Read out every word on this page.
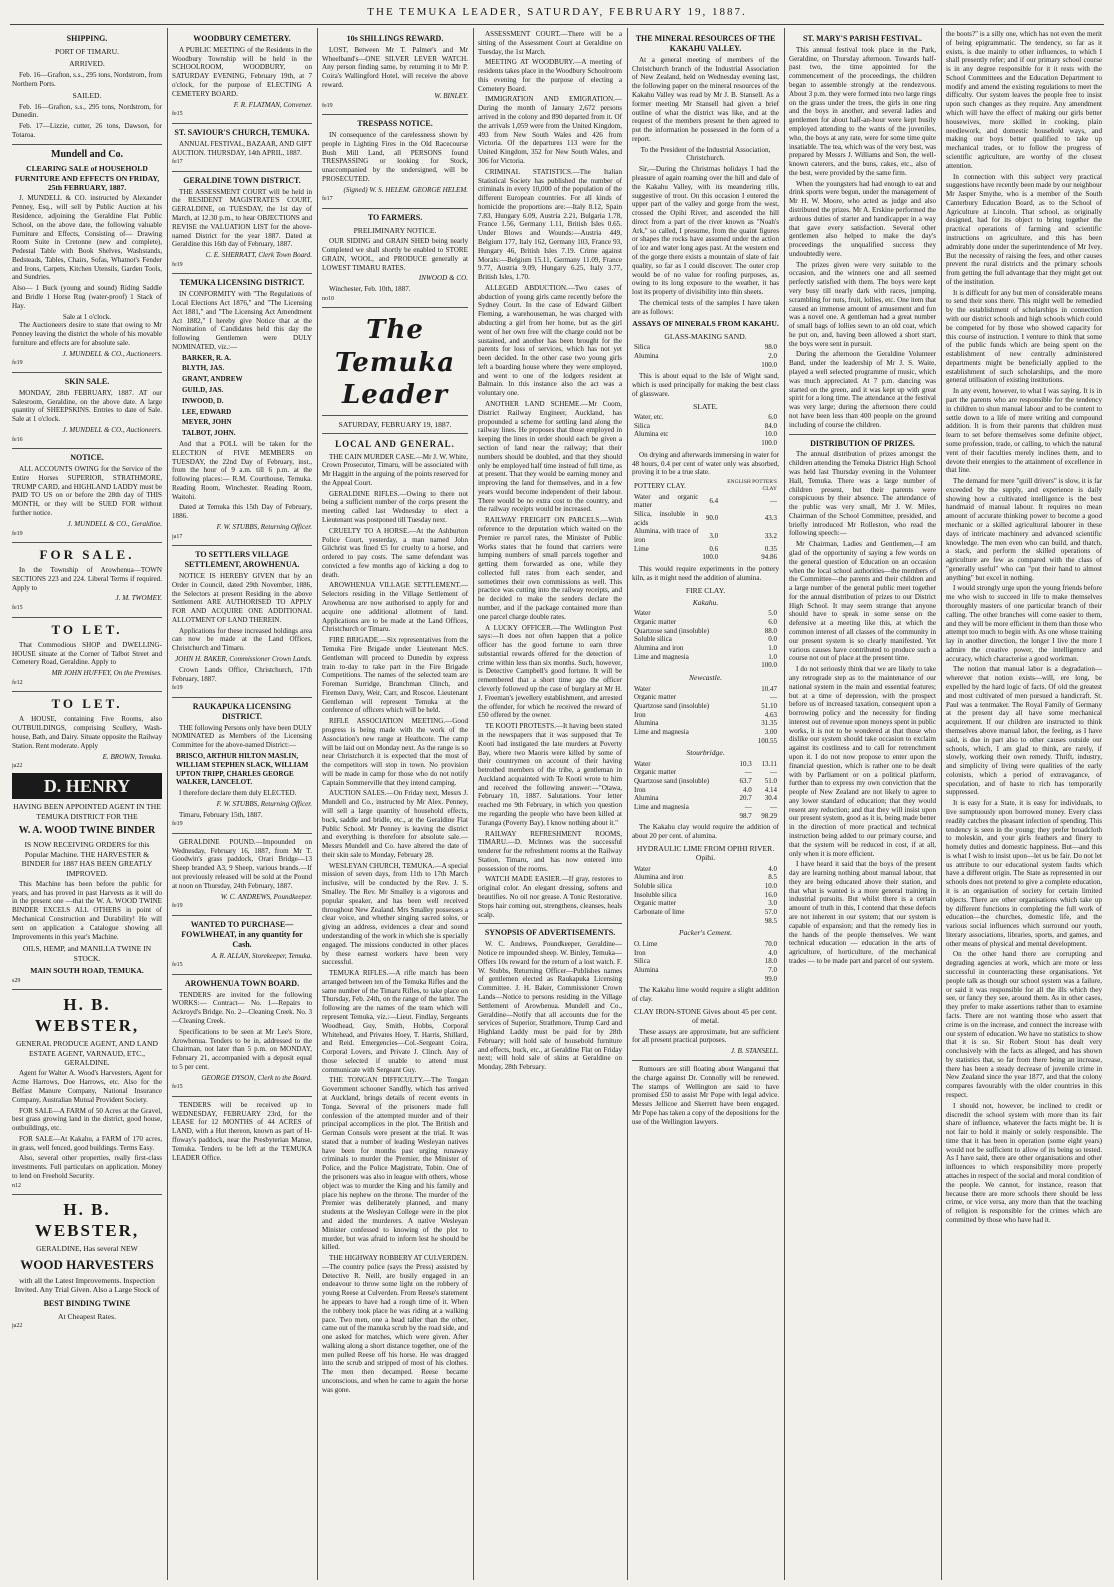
THE TEMUKA LEADER, SATURDAY, FEBRUARY 19, 1887.
SHIPPING.
PORT OF TIMARU.
ARRIVED.

Feb. 16—Grafton, s.s., 295 tons, Nordstrom, from Northern Ports.

SAILED.

Feb. 16—Grafton, s.s., 295 tons, Nordstrom, for Dunedin.

Feb. 17—Lizzie, cutter, 26 tons, Dawson, for Totaroa.

Mundell and Co.
CLEARING SALE of HOUSEHOLD FURNITURE AND EFFECTS ON FRIDAY, 25th FEBRUARY, 1887.

J. MUNDELL & CO. instructed by Alexander Penney, Esq., will sell by Public Auction at his Residence, adjoining the Geraldine Flat Public School, on the above date, the following valuable Furniture and Effects, Consisting of— Drawing Room Suite in Cretonne (new and complete), Pedestal Table with Book Shelves, Washstands, Bedsteads, Tables, Chairs, Sofas, Whatnot's Fender and Irons, Carpets, Kitchen Utensils, Garden Tools, and Sundries.

Also— 1 Buck (young and sound) Riding Saddle and Bridle 1 Horse Rug (water-proof) 1 Stack of Hay.

Sale at 1 o'clock.

The Auctioneers desire to state that owing to Mr Penney leaving the district the whole of his movable furniture and effects are for absolute sale.

J. MUNDELL & CO., Auctioneers.
fe19
SKIN SALE.

MONDAY, 28th FEBRUARY, 1887. AT our Salesroom, Geraldine, on the above date. A large quantity of SHEEPSKINS. Entries to date of Sale. Sale at 1 o'clock.

J. MUNDELL & CO., Auctioneers.
fe16
NOTICE.

ALL ACCOUNTS OWING for the Service of the Entire Horses SUPERIOR, STRATHMORE, TRUMP CARD, and HIGHLAND LADDY must be PAID TO US on or before the 28th day of THIS MONTH, or they will be SUED FOR without further notice.

J. MUNDELL & CO., Geraldine.
fe19
FOR SALE.

In the Township of Arowhenua—TOWN SECTIONS 223 and 224. Liberal Terms if required. Apply to

J. M. TWOMEY.
fe15
TO LET.

That Commodious SHOP and DWELLING-HOUSE situate at the Corner of Talbot Street and Cemetery Road, Geraldine. Apply to

MR JOHN HUFFEY, On the Premises.
fe12
TO LET.

A HOUSE, containing Five Rooms, also OUTBUILDINGS, comprising Scullery, Wash-house, Bath, and Dairy. Situate opposite the Railway Station. Rent moderate. Apply

E. BROWN, Temuka.
ja22
D. HENRY
HAVING BEEN APPOINTED AGENT IN THE TEMUKA DISTRICT FOR THE
W. A. WOOD TWINE BINDER
IS NOW RECEIVING ORDERS for this Popular Machine. THE HARVESTER & BINDER for 1887 HAS BEEN GREATLY IMPROVED.

This Machine has been before the public for years, and has proved in past Harvests as it will do in the present one —that the W. A. WOOD TWINE BINDER EXCELS ALL OTHERS in point of Mechanical Construction and Durability! He will sent on application a Catalogue showing all Improvements in this year's Machine.

OILS, HEMP, and MANILLA TWINE IN STOCK.
MAIN SOUTH ROAD, TEMUKA.
s29
H. B. WEBSTER,
GENERAL PRODUCE AGENT, AND LAND ESTATE AGENT, VARNAUD, ETC., GERALDINE.

Agent for Walter A. Wood's Harvesters, Agent for Acme Harrows, Doe Harrows, etc. Also for the Belfast Manure Company, National Insurance Company, Australian Mutual Provident Society.

FOR SALE—A FARM of 50 Acres at the Gravel, best grass growing land in the district, good house, outbuildings, etc.

FOR SALE—At Kakahu, a FARM of 170 acres, in grass, well fenced, good buildings. Terms Easy.

Also, several other properties, really first-class investments. Full particulars on application. Money to lend on Freehold Security.

n12
H. B. WEBSTER,
GERALDINE, Has several NEW
WOOD HARVESTERS
with all the Latest Improvements. Inspection Invited. Any Trial Given. Also a Large Stock of
BEST BINDING TWINE
At Cheapest Rates.
ja22
WOODBURY CEMETERY.

A PUBLIC MEETING of the Residents in the Woodbury Township will be held in the SCHOOLROOM, WOODBURY, on SATURDAY EVENING, February 19th, at 7 o'clock, for the purpose of ELECTING A CEMETERY BOARD.

F. R. FLATMAN, Convener.
fe15
ST. SAVIOUR'S CHURCH, TEMUKA.

ANNUAL FESTIVAL, BAZAAR, AND GIFT AUCTION. THURSDAY, 14th APRIL, 1887.

fe17
GERALDINE TOWN DISTRICT.

THE ASSESSMENT COURT will be held in the RESIDENT MAGISTRATE'S COURT, GERALDINE, on TUESDAY, the 1st day of March, at 12.30 p.m., to hear OBJECTIONS and REVISE the VALUATION LIST for the above-named District for the year 1887. Dated at Geraldine this 16th day of February, 1887.

C. E. SHERRATT, Clerk Town Board.
fe19
TEMUKA LICENSING DISTRICT.

IN CONFORMITY with "The Regulations of Local Elections Act 1876," and "The Licensing Act 1881," and "The Licensing Act Amendment Act 1882," I hereby give Notice that at the Nomination of Candidates held this day the following Gentlemen were DULY NOMINATED, viz.:—

BARKER, R. A.
BLYTH, JAS.
GRANT, ANDREW
GUILD, JAS.
INWOOD, D.
LEE, EDWARD
MEYER, JOHN
TALBOT, JOHN.

And that a POLL will be taken for the ELECTION of FIVE MEMBERS on TUESDAY, the 22nd Day of February, inst., from the hour of 9 a.m. till 6 p.m. at the following places:— R.M. Courthouse, Temuka. Reading Room, Winchester. Reading Room, Waitohi.

Dated at Temuka this 15th Day of February, 1886.

F. W. STUBBS, Returning Officer.
ja17
TO SETTLERS VILLAGE SETTLEMENT, AROWHENUA.

NOTICE IS HEREBY GIVEN that by an Order in Council, dated 29th November, 1886, the Selectors at present Residing in the above Settlement ARE AUTHORISED TO APPLY FOR AND ACQUIRE ONE ADDITIONAL ALLOTMENT OF LAND THEREIN.

Applications for these increased holdings area can now be made at the Land Offices, Christchurch and Timaru.

JOHN H. BAKER, Commissioner Crown Lands.

Crown Lands Office, Christchurch, 17th February, 1887.

fe19
RAUKAPUKA LICENSING DISTRICT.

THE following Persons only have been DULY NOMINATED as Members of the Licensing Committee for the above-named District:—

BRISCO, ARTHUR HILTON MASLIN, WILLIAM STEPHEN SLACK, WILLIAM UPTON TRIPP, CHARLES GEORGE WALKER, LANCELOT.

I therefore declare them duly ELECTED.

F. W. STUBBS, Returning Officer.

Timaru, February 15th, 1887.

fe19

GERALDINE POUND.—Impounded on Wednesday, February 16, 1887, from Mr T. Goodwin's grass paddock, Orari Bridge—13 Sheep branded A3, 9 Sheep, various brands.—If not previously released will be sold at the Pound at noon on Thursday, 24th February, 1887.

W. C. ANDREWS, Poundkeeper.
fe19
WANTED TO PURCHASE—FOWLWHEAT, in any quantity for Cash.
A. R. ALLAN, Storekeeper, Temuka.
fe15
AROWHENUA TOWN BOARD.

TENDERS are invited for the following WORKS:— Contract— No. 1—Repairs to Ackroyd's Bridge. No. 2—Cleaning Creek. No. 3—Cleaning Creek.

Specifications to be seen at Mr Lee's Store, Arowhenua. Tenders to be in, addressed to the Chairman, not later than 5 p.m. on MONDAY, February 21, accompanied with a deposit equal to 5 per cent.

GEORGE DYSON, Clerk to the Board.
fe15

TENDERS will be received up to WEDNESDAY, FEBRUARY 23rd, for the LEASE for 12 MONTHS of 44 ACRES of LAND, with a Hut thereon, known as part of H-ffoway's paddock, near the Presbyterian Manse, Temuka. Tenders to be left at the TEMUKA LEADER Office.

10s SHILLINGS REWARD.

LOST, Between Mr T. Palmer's and Mr Wheelband's—ONE SILVER LEVER WATCH. Any person finding same, by returning it to Mr P. Coira's Wallingford Hotel, will receive the above reward.

W. BINLEY.
fe19
TRESPASS NOTICE.

IN consequence of the carelessness shown by people in Lighting Fires in the Old Racecourse Bush Mill Land, all PERSONS found TRESPASSING or looking for Stock, unaccompanied by the undersigned, will be PROSECUTED.

(Signed) W. S. HELEM. GEORGE HELEM.
fe17
TO FARMERS.
PRELIMINARY NOTICE.

OUR SIDING and GRAIN SHED being nearly Completed we shall shortly be enabled to STORE GRAIN, WOOL, and PRODUCE generally at LOWEST TIMARU RATES.

INWOOD & CO.

Winchester, Feb. 10th, 1887.

no10
The Temuka Leader
SATURDAY, FEBRUARY 19, 1887.
LOCAL AND GENERAL.

THE CAIN MURDER CASE.—Mr J. W. White, Crown Prosecutor, Timaru, will be associated with Mr Haggitt in the arguing of the points reserved for the Appeal Court.

GERALDINE RIFLES.—Owing to there not being a sufficient number of the corps present the meeting called last Wednesday to elect a Lieutenant was postponed till Tuesday next.

CRUELTY TO A HORSE.—At the Ashburton Police Court, yesterday, a man named John Gilchrist was fined £5 for cruelty to a horse, and ordered to pay costs. The same defendant was convicted a few months ago of kicking a dog to death.

AROWHENUA VILLAGE SETTLEMENT.—Selectors residing in the Village Settlement of Arowhenua are now authorised to apply for and acquire one additional allotment of land. Applications are to be made at the Land Offices, Christchurch or Timaru.

FIRE BRIGADE.—Six representatives from the Temuka Fire Brigade under Lieutenant McS. Gentleman will proceed to Dunedin by express train to-day to take part in the Fire Brigade Competitions. The names of the selected team are Foreman Surridge, Branchman Clinch, and Firemen Davy, Weir, Carr, and Roscoe. Lieutenant Gentleman will represent Temuka at the conference of officers which will be held.

RIFLE ASSOCIATION MEETING.—Good progress is being made with the work of the Association's new range at Heathcote. The camp will be laid out on Monday next. As the range is so near Christchurch it is expected that the most of the competitors will stop in town. No provision will be made in camp for those who do not notify Captain Sommerville that they intend camping.

AUCTION SALES.—On Friday next, Messrs J. Mundell and Co., instructed by Mr Alex. Penney, will sell a large quantity of household effects, buck, saddle and bridle, etc., at the Geraldine Flat Public School. Mr Penney is leaving the district and everything is therefore for absolute sale.—Messrs Mundell and Co. have altered the date of their skin sale to Monday, February 28.

WESLEYAN CHURCH, TEMUKA.—A special mission of seven days, from 11th to 17th March inclusive, will be conducted by the Rev. J. S. Smalley. The Rev. Mr Smalley is a vigorous and popular speaker, and has been well received throughout New Zealand. Mrs Smalley possesses a clear voice, and whether singing sacred solos, or giving an address, evidences a clear and sound understanding of the work in which she is specially engaged. The missions conducted in other places by these earnest workers have been very successful.

TEMUKA RIFLES.—A rifle match has been arranged between ten of the Temuka Rifles and the same number of the Timaru Rifles, to take place on Thursday, Feb. 24th, on the range of the latter. The following are the names of the team which will represent Temuka, viz.:—Lieut. Findlay, Sergeants Woodhead, Guy, Smith, Hobbs, Corporal Whitehead, and Privates Hoey, T. Harris, Shillard, and Reid. Emergencies—Col.-Sergeant Coira, Corporal Lovers, and Private J. Clinch. Any of those selected if unable to attend must communicate with Sergeant Guy.

THE TONGAN DIFFICULTY.—The Tongan Government schooner Sandfly, which has arrived at Auckland, brings details of recent events in Tonga. Several of the prisoners made full confession of the attempted murder and of their principal accomplices in the plot. The British and German Consuls were present at the trial. It was stated that a number of leading Wesleyan natives have been for months past urging runaway criminals to murder the Premier, the Minister of Police, and the Police Magistrate, Tobin. One of the prisoners was also in league with others, whose object was to murder the King and his family and place his nephew on the throne. The murder of the Premier was deliberately planned, and many students at the Wesleyan College were in the plot and aided the murderers. A native Wesleyan Minister confessed to knowing of the plot to murder, but was afraid to inform lest he should be killed.

THE HIGHWAY ROBBERY AT CULVERDEN.—The country police (says the Press) assisted by Detective R. Neill, are busily engaged in an endeavour to throw some light on the robbery of young Reese at Culverden. From Reese's statement he appears to have had a rough time of it. When the robbery took place he was riding at a walking pace. Two men, one a head taller than the other, came out of the manuka scrub by the road side, and one asked for matches, which were given. After walking along a short distance together, one of the men pulled Reese off his horse. He was dragged into the scrub and stripped of most of his clothes. The men then decamped. Reese became unconscious, and when he came to again the horse was gone.

ASSESSMENT COURT.—There will be a sitting of the Assessment Court at Geraldine on Tuesday, the 1st March.

MEETING AT WOODBURY.—A meeting of residents takes place in the Woodbury Schoolroom this evening for the purpose of electing a Cemetery Board.

IMMIGRATION AND EMIGRATION.—During the month of January 2,672 persons arrived in the colony and 890 departed from it. Of the arrivals 1,059 were from the United Kingdom, 493 from New South Wales and 426 from Victoria. Of the departures 113 were for the United Kingdom, 352 for New South Wales, and 306 for Victoria.

CRIMINAL STATISTICS.—The Italian Statistical Society has published the number of criminals in every 10,000 of the population of the different European countries. For all kinds of homicide the proportions are:—Italy 8.12, Spain 7.83, Hungary 6.09, Austria 2.21, Bulgaria 1.78, France 1.56, Germany 1.11, British Isles 0.65. Under Blows and Wounds:—Austria 449, Belgium 177, Italy 162, Germany 103, France 93, Hungary 46, British Isles 7.19. Crime against Morals:—Belgium 15.11, Germany 11.09, France 9.77, Austria 9.09, Hungary 6.25, Italy 3.77, British Isles, 1.70.

ALLEGED ABDUCTION.—Two cases of abduction of young girls came recently before the Sydney Court. In the case of Edward Gilbert Fleming, a warehouseman, he was charged with abducting a girl from her home, but as the girl went of her own free will the charge could not be sustained, and another has been brought for the parents for loss of services, which has not yet been decided. In the other case two young girls left a boarding house where they were employed, and went to one of the lodgers resident at Balmain. In this instance also the act was a voluntary one.

ANOTHER LAND SCHEME.—Mr Coom, District Railway Engineer, Auckland, has propounded a scheme for settling land along the railway lines. He proposes that those employed in keeping the lines in order should each be given a section of land near the railway; that their numbers should be doubled, and that they should only be employed half time instead of full time, as at present. That they would be earning money and improving the land for themselves, and in a few years would become independent of their labour. There would be no extra cost to the country, and the railway receipts would be increased.

RAILWAY FREIGHT ON PARCELS.—With reference to the deputation which waited on the Premier re parcel rates, the Minister of Public Works states that he found that carriers were lumping numbers of small parcels together and getting them forwarded as one, while they collected full rates from each sender, and sometimes their own commissions as well. This practice was cutting into the railway receipts, and he decided to make the senders declare the number, and if the package contained more than one parcel charge double rates.

A LUCKY OFFICER.—The Wellington Post says:—It does not often happen that a police officer has the good fortune to earn three substantial rewards offered for the detection of crime within less than six months. Such, however, is Detective Campbell's good fortune. It will be remembered that a short time ago the officer cleverly followed up the case of burglary at Mr H. J. Freeman's jewellery establishment, and arrested the offender, for which he received the reward of £50 offered by the owner.

TE KOOTI PROTESTS.—It having been stated in the newspapers that it was supposed that Te Kooti had instigated the late murders at Poverty Bay, where two Maoris were killed by some of their countrymen on account of their having betrothed members of the tribe, a gentleman in Auckland acquainted with Te Kooti wrote to him and received the following answer:—"Otawa, February 10, 1887. Salutations. Your letter reached me 9th February, in which you question me regarding the people who have been killed at Turanga (Poverty Bay). I know nothing about it."

RAILWAY REFRESHMENT ROOMS, TIMARU.—D. Mclnnes was the successful tenderer for the refreshment rooms at the Railway Station, Timaru, and has now entered into possession of the rooms.

WATCH MADE EASIER.—If gray, restores to original color. An elegant dressing, softens and beautifies. No oil nor grease. A Tonic Restorative. Stops hair coming out, strengthens, cleanses, heals scalp.

SYNOPSIS OF ADVERTISEMENTS.

W. C. Andrews, Poundkeeper, Geraldine—Notice re impounded sheep. W. Binley, Temuka—Offers 10s reward for the return of a lost watch. F. W. Stubbs, Returning Officer—Publishes names of gentlemen elected as Raukapuka Licensing Committee. J. H. Baker, Commissioner Crown Lands—Notice to persons residing in the Village Settlement of Arowhenua. Mundell and Co., Geraldine—Notify that all accounts due for the services of Superior, Strathmore, Trump Card and Highland Laddy must be paid for by 28th February; will hold sale of household furniture and effects, buck, etc., at Geraldine Flat on Friday next; will hold sale of skins at Geraldine on Monday, 28th February.

THE MINERAL RESOURCES OF THE KAKAHU VALLEY.

At a general meeting of members of the Christchurch branch of the Industrial Association of New Zealand, held on Wednesday evening last, the following paper on the mineral resources of the Kakahu Valley was read by Mr J. B. Stansell. As a former meeting Mr Stansell had given a brief outline of what the district was like, and at the request of the members present he then agreed to put the information he possessed in the form of a report.

To the President of the Industrial Association, Christchurch.

Sir,—During the Christmas holidays I had the pleasure of again roaming over the hill and dale of the Kakahu Valley, with its meandering rills, suggestive of trout. On this occasion I entered the upper part of the valley and gorge from the west, crossed the Opihi River, and ascended the hill direct from a part of the river known as "Noah's Ark," so called, I presume, from the quaint figures or shapes the rocks have assumed under the action of ice and water long ages past. At the western end of the gorge there exists a mountain of slate of fair quality, so far as I could discover. The outer crop would be of no value for roofing purposes, as, owing to its long exposure to the weather, it has lost its property of divisibility into thin sheets.

The chemical tests of the samples I have taken are as follows:

ASSAYS OF MINERALS FROM KAKAHU.
GLASS-MAKING SAND.
Silica	98.0
Alumina	2.0
	100.0

This is about equal to the Isle of Wight sand, which is used principally for making the best class of glassware.

SLATE.
Water, etc.	6.0
Silica	84.0
Alumina etc	10.0
	100.0

On drying and afterwards immersing in water for 48 hours, 0.4 per cent of water only was absorbed, proving it to be a true slate.

POTTERY CLAY.		ENGLISH POTTER'S CLAY
Water and organic matter	6.4	—
Silica, insoluble in acids	90.0	43.3
Alumina, with trace of iron	3.0	33.2
Lime	0.6	0.35
	100.0	94.86

This would require experiments in the pottery kiln, as it might need the addition of alumina.

FIRE CLAY.
Kakahu.
Water	5.0
Organic matter	6.0
Quartzose sand (insoluble)	88.0
Soluble silica	0.0
Alumina and iron	1.0
Lime and magnesia	1.0
	100.0
Newcastle.
Water	10.47
Organic matter	—
Quartzose sand (insoluble)	51.10
Iron	4.63
Alumina	31.35
Lime and magnesia	3.00
	100.55
Stourbridge.
Water	10.3	13.11
Organic matter	—	—
Quartzose sand (insoluble)	63.7	51.0
Iron	4.0	4.14
Alumina	20.7	30.4
Lime and magnesia	—	—
	98.7	98.29

The Kakahu clay would require the addition of about 20 per cent. of alumina.

HYDRAULIC LIME FROM OPIHI RIVER. Opihi.
Water	4.0
Alumina and iron	8.5
Soluble silica	10.0
Insoluble silica	16.0
Organic matter	3.0
Carbonate of lime	57.0
	98.5
Packer's Cement.
O. Lime	70.0
Iron	4.0
Silica	18.0
Alumina	7.0
	99.0

The Kakahu lime would require a slight addition of clay.

CLAY IRON-STONE Gives about 45 per cent. of metal.

These assays are approximate, but are sufficient for all present practical purposes.

J. B. STANSELL.

Rumours are still floating about Wanganui that the charge against Dr. Connolly will be renewed. The stamps of Wellington are said to have promised £50 to assist Mr Pope with legal advice. Messrs Jellicoe and Skerrett have been engaged. Mr Pope has taken a copy of the depositions for the use of the Wellington lawyers.

ST. MARY'S PARISH FESTIVAL.

This annual festival took place in the Park, Geraldine, on Thursday afternoon. Towards half-past two, the time appointed for the commencement of the proceedings, the children began to assemble strongly at the rendezvous. About 3 p.m. they were formed into two large rings on the grass under the trees, the girls in one ring and the boys in another, and several ladies and gentlemen for about half-an-hour were kept busily employed attending to the wants of the juveniles, who, the boys at any rate, were for some time quite insatiable. The tea, which was of the very best, was prepared by Messrs J. Williams and Son, the well-known caterers, and the buns, cakes, etc., also of the best, were provided by the same firm.

When the youngsters had had enough to eat and drink sports were begun, under the management of Mr H. W. Moore, who acted as judge and also distributed the prizes. Mr A. Erskine performed the arduous duties of starter and handicapper in a way that gave every satisfaction. Several other gentlemen also helped to make the day's proceedings the unqualified success they undoubtedly were.

The prizes given were very suitable to the occasion, and the winners one and all seemed perfectly satisfied with them. The boys were kept very busy till nearly dark with races, jumping, scrambling for nuts, fruit, lollies, etc. One item that caused an immense amount of amusement and fun was a novel one. A gentleman had a great number of small bags of lollies sewn to an old coat, which he put on, and, having been allowed a short start, the boys were sent in pursuit.

During the afternoon the Geraldine Volunteer Band, under the leadership of Mr J. S. Waite, played a well selected programme of music, which was much appreciated. At 7 p.m. dancing was started on the green, and it was kept up with great spirit for a long time. The attendance at the festival was very large; during the afternoon there could not have been less than 400 people on the ground including of course the children.

DISTRIBUTION OF PRIZES.

The annual distribution of prizes amongst the children attending the Temuka District High School was held last Thursday evening in the Volunteer Hall, Temuka. There was a large number of children present, but their parents were conspicuous by their absence. The attendance of the public was very small, Mr J. W. Miles, Chairman of the School Committee, presided, and briefly introduced Mr Rolleston, who read the following speech:—

Mr Chairman, Ladies and Gentlemen,—I am glad of the opportunity of saying a few words on the general question of Education on an occasion when the local school authorities—the members of the Committee—the parents and their children and a large number of the general public meet together for the annual distribution of prizes to our District High School. It may seem strange that anyone should have to speak in some sense on the defensive at a meeting like this, at which the common interest of all classes of the community in our present system is so clearly manifested. Yet various causes have contributed to produce such a course not out of place at the present time.

I do not seriously think that we are likely to take any retrograde step as to the maintenance of our national system in the main and essential features; but at a time of depression, with the prospect before us of increased taxation, consequent upon a borrowing policy and the necessity for finding interest out of revenue upon moneys spent in public works, it is not to be wondered at that those who dislike our system should take occasion to exclaim against its costliness and to call for retrenchment upon it. I do not now propose to enter upon the financial question, which is rather one to be dealt with by Parliament or on a political platform, further than to express my own conviction that the people of New Zealand are not likely to agree to any lower standard of education; that they would resent any reduction; and that they will insist upon our present system, good as it is, being made better in the direction of more practical and technical instruction being added to our primary course, and that the system will be reduced in cost, if at all, only when it is more efficient.

I have heard it said that the boys of the present day are learning nothing about manual labour, that they are being educated above their station, and that what is wanted is a more general training in industrial pursuits. But whilst there is a certain amount of truth in this, I contend that these defects are not inherent in our system; that our system is capable of expansion; and that the remedy lies in the hands of the people themselves. We want technical education — education in the arts of agriculture, of horticulture, of the mechanical trades — to be made part and parcel of our system.

the boots?" is a silly one, which has not even the merit of being epigrammatic. The tendency, so far as it exists, is due mainly to other influences, to which I shall presently refer; and if our primary school course is in any degree responsible for it it rests with the School Committees and the Education Department to modify and amend the existing regulations to meet the difficulty. Our system leaves the people free to insist upon such changes as they require. Any amendment which will have the effect of making our girls better housewives, more skilled in cooking, plain needlework, and domestic household ways, and making our boys better qualified to take up mechanical trades, or to follow the progress of scientific agriculture, are worthy of the closest attention.

In connection with this subject very practical suggestions have recently been made by our neighbour Mr Jasper Smythe, who is a member of the South Canterbury Education Board, as to the School of Agriculture at Lincoln. That school, as originally designed, had for its object to bring together the practical operations of farming and scientific instructions on agriculture, and this has been admirably done under the superintendence of Mr Ivey. But the necessity of raising the fees, and other causes prevent the rural districts and the primary schools from getting the full advantage that they might get out of the institution.

It is difficult for any but men of considerable means to send their sons there. This might well be remedied by the establishment of scholarships in connection with our district schools and high schools which could be competed for by those who showed capacity for this course of instruction. I venture to think that some of the public funds which are being spent on the establishment of new centrally administered departments might be beneficially applied to the establishment of such scholarships, and the more general utilisation of existing institutions.

In any event, however, to what I was saying. It is in part the parents who are responsible for the tendency in children to shun manual labour and to be content to settle down to a life of mere writing and compound addition. It is from their parents that children must learn to set before themselves some definite object, some profession, trade, or calling, to which the natural vent of their faculties merely inclines them, and to devote their energies to the attainment of excellence in that line.

The demand for mere "quill drivers" is slow, it is far exceeded by the supply, and experience is daily showing how a cultivated intelligence is the best handmaid of manual labour. It requires no mean amount of accurate thinking power to become a good mechanic or a skilled agricultural labourer in these days of intricate machinery and advanced scientific knowledge. The men even who can build, and thatch, a stack, and perform the skilled operations of agriculture are few as compared with the class of "generally useful" who can "put their hand to almost anything" but excel in nothing.

I would strongly urge upon the young friends before me who wish to succeed in life to make themselves thoroughly masters of one particular branch of their calling. The other branches will come easier to them, and they will be more efficient in them than those who attempt too much to begin with. As one whose training lay in another direction, the longer I live the more I admire the creative power, the intelligence and accuracy, which characterise a good workman.

The notion that manual labor is a degradation—wherever that notion exists—will, ere long, be expelled by the hard logic of facts. Of old the greatest and most cultivated of men pursued a handicraft. St. Paul was a tentmaker. The Royal Family of Germany at the present day all have some mechanical acquirement. If our children are instructed to think themselves above manual labor, the feeling, as I have said, is due in part also to other causes outside our schools, which, I am glad to think, are rarely, if slowly, working their own remedy. Thrift, industry, and simplicity of living were qualities of the early colonists, which a period of extravagance, of speculation, and of haste to rich has temporarily suppressed.

It is easy for a State, it is easy for individuals, to live sumptuously upon borrowed money. Every class readily catches the pleasant infection of spending. This tendency is seen in the young; they prefer broadcloth to moleskin, and your girls feathers and finery to homely duties and domestic happiness. But—and this is what I wish to insist upon—let us be fair. Do not let us attribute to our educational system faults which have a different origin. The State as represented in our schools does not pretend to give a complete education, it is an organisation of society for certain limited objects. There are other organisations which take up by different functions in completing the full work of education—the churches, domestic life, and the various social influences which surround our youth, literary associations, libraries, sports, and games, and other means of physical and mental development.

On the other hand there are corrupting and degrading agencies at work, which are more or less successful in counteracting these organisations. Yet people talk as though our school system was a failure, or said it was responsible for all the ills which they see, or fancy they see, around them. As in other cases, they prefer to make assertions rather than to examine facts. There are not wanting those who assert that crime is on the increase, and connect the increase with our system of education. We have no statistics to show that it is so. Sir Robert Stout has dealt very conclusively with the facts as alleged, and has shown by statistics that, so far from there being an increase, there has been a steady decrease of juvenile crime in New Zealand since the year 1877, and that the colony compares favourably with the older countries in this respect.

I should not, however, be inclined to credit or discredit the school system with more than its fair share of influence, whatever the facts might be. It is not fair to hold it mainly or solely responsible. The time that it has been in operation (some eight years) would not be sufficient to allow of its being so tested. As I have said, there are other organisations and other influences to which responsibility more properly attaches in respect of the social and moral condition of the people. We cannot, for instance, reason that because there are more schools there should be less crime, or vice versa, any more than that the teaching of religion is responsible for the crimes which are committed by those who have had it.
